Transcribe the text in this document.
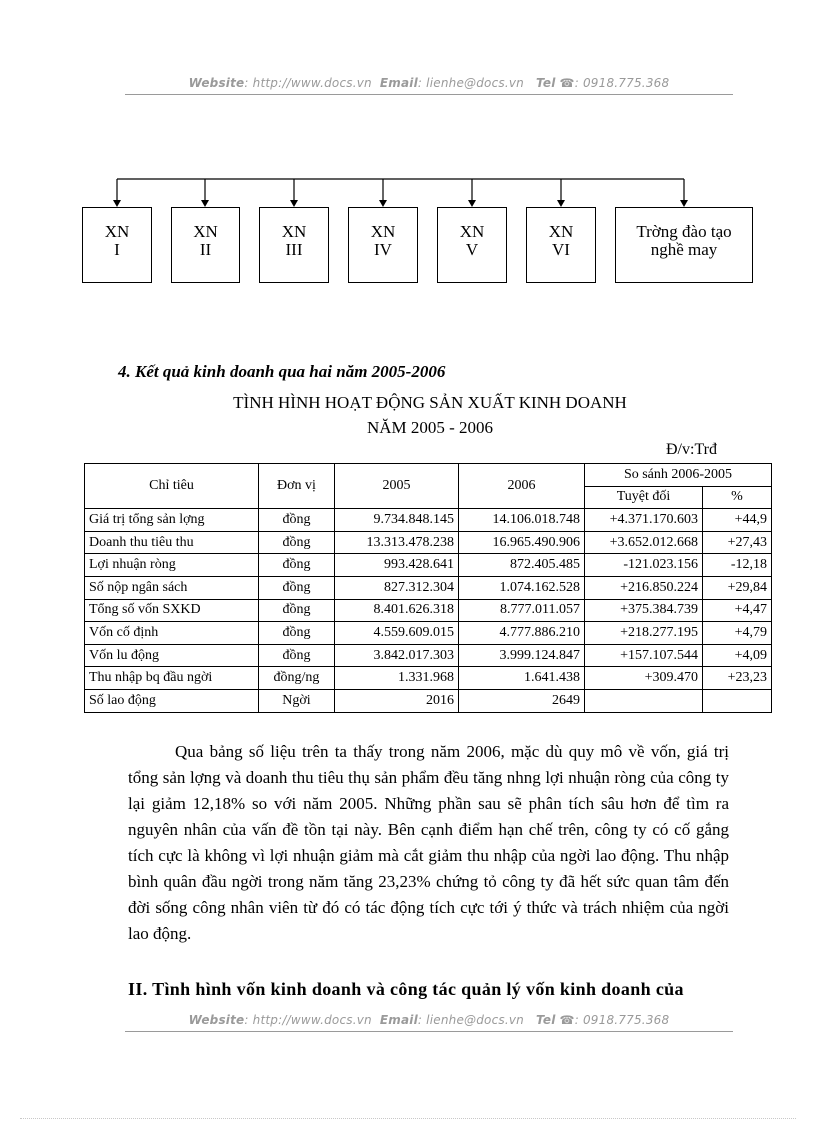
Website: http://www.docs.vn Email: lienhe@docs.vn Tel ☎: 0918.775.368
XN
I
XN
II
XN
III
XN
IV
XN
V
XN
VI
Trờng đào tạo
nghề may
4. Kết quả kinh doanh qua hai năm 2005-2006
TÌNH HÌNH HOẠT ĐỘNG SẢN XUẤT KINH DOANH
NĂM 2005 - 2006
Đ/v:Trđ
Chỉ tiêu	Đơn vị	2005	2006	So sánh 2006-2005	
				Tuyệt đối	%
Giá trị tổng sản lợng	đồng	9.734.848.145	14.106.018.748	+4.371.170.603	+44,9
Doanh thu tiêu thu	đồng	13.313.478.238	16.965.490.906	+3.652.012.668	+27,43
Lợi nhuận ròng	đồng	993.428.641	872.405.485	-121.023.156	-12,18
Số nộp ngân sách	đồng	827.312.304	1.074.162.528	+216.850.224	+29,84
Tổng số vốn SXKD	đồng	8.401.626.318	8.777.011.057	+375.384.739	+4,47
Vốn cố định	đồng	4.559.609.015	4.777.886.210	+218.277.195	+4,79
Vốn lu động	đồng	3.842.017.303	3.999.124.847	+157.107.544	+4,09
Thu nhập bq đầu ngời	đồng/ng	1.331.968	1.641.438	+309.470	+23,23
Số lao động	Ngời	2016	2649		

Qua bảng số liệu trên ta thấy trong năm 2006, mặc dù quy mô về vốn, giá trị tổng sản lợng và doanh thu tiêu thụ sản phẩm đều tăng nhng lợi nhuận ròng của công ty lại giảm 12,18% so với năm 2005. Những phần sau sẽ phân tích sâu hơn để tìm ra nguyên nhân của vấn đề tồn tại này. Bên cạnh điểm hạn chế trên, công ty có cố gắng tích cực là không vì lợi nhuận giảm mà cắt giảm thu nhập của ngời lao động. Thu nhập bình quân đầu ngời trong năm tăng 23,23% chứng tỏ công ty đã hết sức quan tâm đến đời sống công nhân viên từ đó có tác động tích cực tới ý thức và trách nhiệm của ngời lao động.

II. Tình hình vốn kinh doanh và công tác quản lý vốn kinh doanh của
Website: http://www.docs.vn Email: lienhe@docs.vn Tel ☎: 0918.775.368
